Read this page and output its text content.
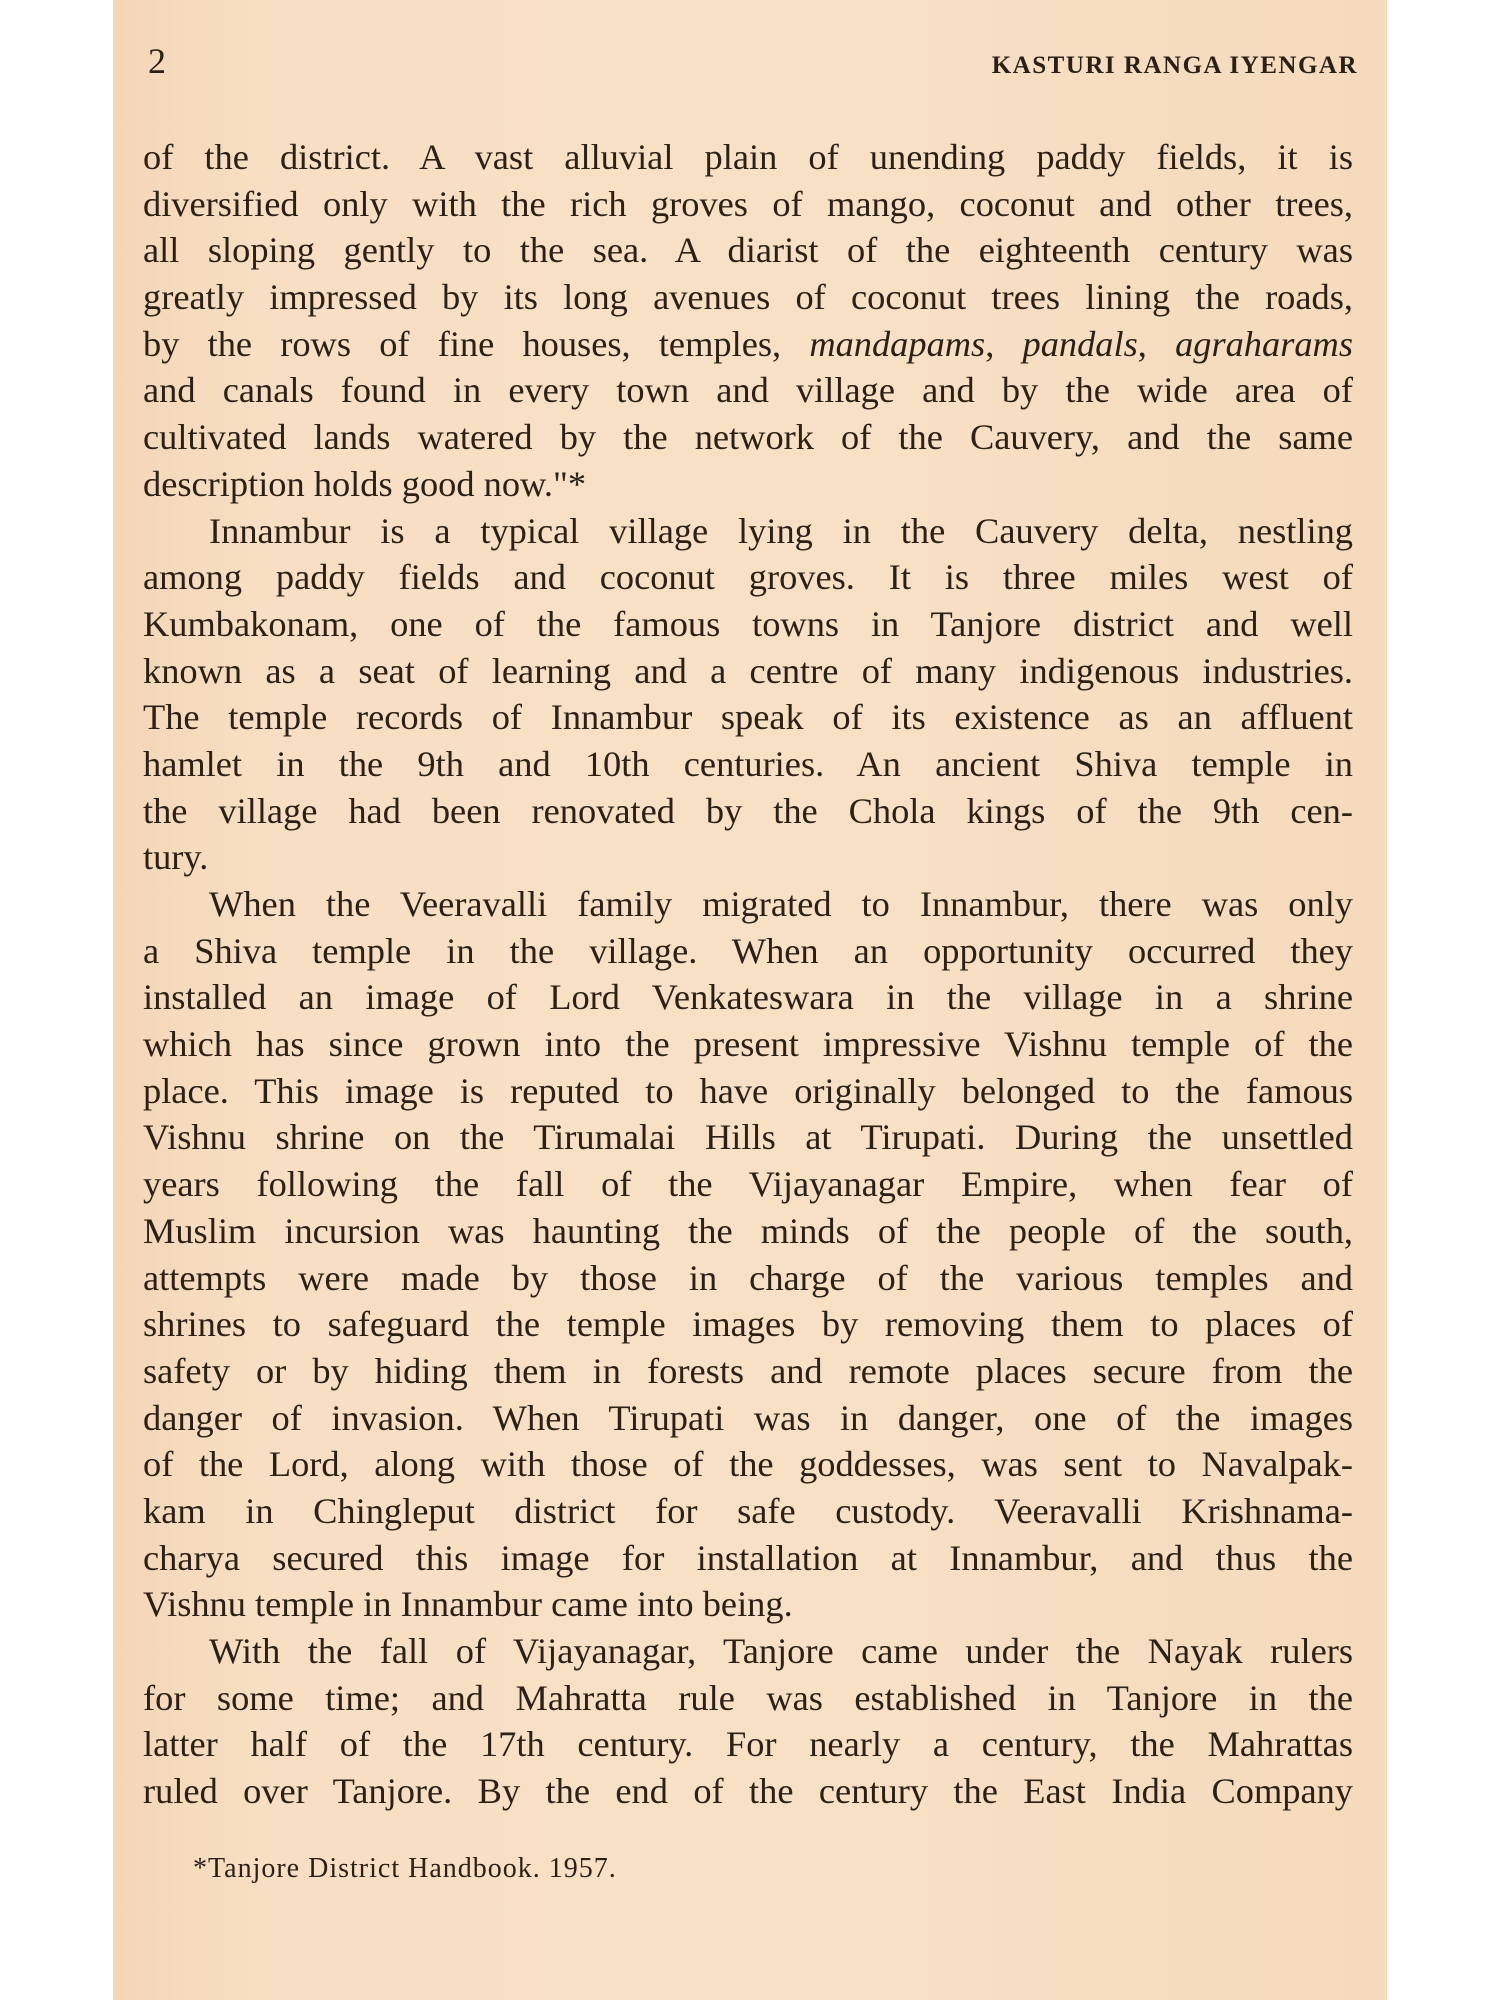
2	KASTURI RANGA IYENGAR
of the district. A vast alluvial plain of unending paddy fields, it is
diversified only with the rich groves of mango, coconut and other trees,
all sloping gently to the sea. A diarist of the eighteenth century was
greatly impressed by its long avenues of coconut trees lining the roads,
by the rows of fine houses, temples, mandapams, pandals, agraharams
and canals found in every town and village and by the wide area of
cultivated lands watered by the network of the Cauvery, and the same
description holds good now."*
Innambur is a typical village lying in the Cauvery delta, nestling
among paddy fields and coconut groves. It is three miles west of
Kumbakonam, one of the famous towns in Tanjore district and well
known as a seat of learning and a centre of many indigenous industries.
The temple records of Innambur speak of its existence as an affluent
hamlet in the 9th and 10th centuries. An ancient Shiva temple in
the village had been renovated by the Chola kings of the 9th cen-
tury.
When the Veeravalli family migrated to Innambur, there was only
a Shiva temple in the village. When an opportunity occurred they
installed an image of Lord Venkateswara in the village in a shrine
which has since grown into the present impressive Vishnu temple of the
place. This image is reputed to have originally belonged to the famous
Vishnu shrine on the Tirumalai Hills at Tirupati. During the unsettled
years following the fall of the Vijayanagar Empire, when fear of
Muslim incursion was haunting the minds of the people of the south,
attempts were made by those in charge of the various temples and
shrines to safeguard the temple images by removing them to places of
safety or by hiding them in forests and remote places secure from the
danger of invasion. When Tirupati was in danger, one of the images
of the Lord, along with those of the goddesses, was sent to Navalpak-
kam in Chingleput district for safe custody. Veeravalli Krishnama-
charya secured this image for installation at Innambur, and thus the
Vishnu temple in Innambur came into being.
With the fall of Vijayanagar, Tanjore came under the Nayak rulers
for some time; and Mahratta rule was established in Tanjore in the
latter half of the 17th century. For nearly a century, the Mahrattas
ruled over Tanjore. By the end of the century the East India Company
*Tanjore District Handbook. 1957.
